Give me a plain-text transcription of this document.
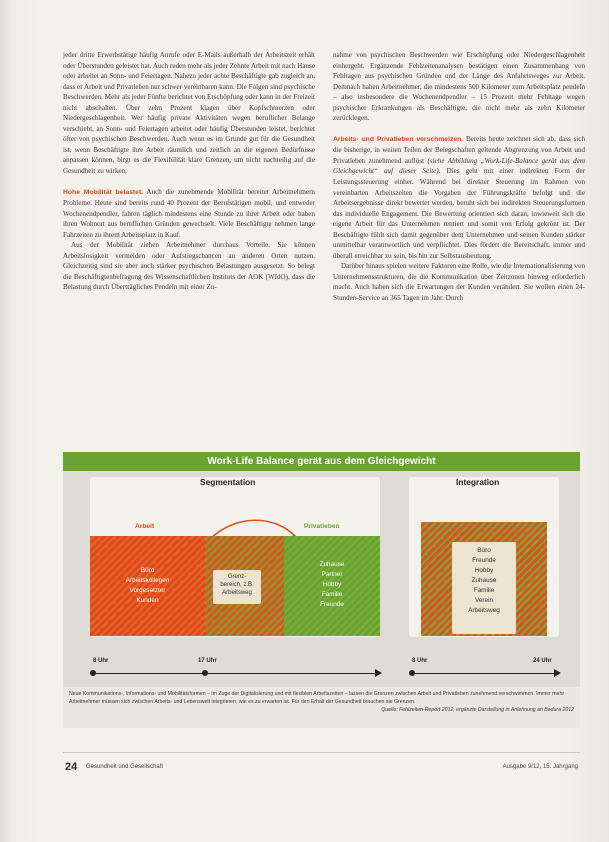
jeder dritte Erwerbstätige häufig Anrufe oder E-Mails außerhalb der Arbeitszeit erhält oder Überstunden geleistet hat. Auch reden mehr als jeder Zehnte Arbeit mit nach Hause oder arbeitet an Sonn- und Feiertagen. Nahezu jeder achte Beschäftigte gab zugleich an, dass er Arbeit und Privatleben nur schwer vereinbaren kann. Die Folgen sind psychische Beschwerden. Mehr als jeder Fünfte berichtet von Erschöpfung oder kann in der Freizeit nicht abschalten. Über zehn Prozent klagen über Kopfschmerzen oder Niedergeschlagenheit. Wer häufig private Aktivitäten wegen beruflicher Belange verschiebt, an Sonn- und Feiertagen arbeitet oder häufig Überstunden leistet, berichtet öfter von psychischen Beschwerden. Auch wenn es im Grunde gut für die Gesundheit ist, wenn Beschäftigte ihre Arbeit räumlich und zeitlich an die eigenen Bedürfnisse anpassen können, birgt es die Flexibilität klare Grenzen, um nicht nachteilig auf die Gesundheit zu wirken.

Hohe Mobilität belastet. Auch die zunehmende Mobilität bereitet Arbeitnehmern Probleme. Heute sind bereits rund 40 Prozent der Berufstätigen mobil, und entweder Wochenendpendler, fahren täglich mindestens eine Stunde zu ihrer Arbeit oder haben ihren Wohnort aus beruflichen Gründen gewechselt. Viele Beschäftigte nehmen lange Fahrzeiten zu ihrem Arbeitsplatz in Kauf.

Aus der Mobilität ziehen Arbeitnehmer durchaus Vorteile. Sie können Arbeitslosigkeit vermeiden oder Aufstiegschancen an anderen Orten nutzen. Gleichzeitig sind sie aber auch stärker psychischen Belastungen ausgesetzt. So belegt die Beschäftigtenbefragung des Wissenschaftlichen Instituts der AOK (WIdO), dass die Belastung durch Überträgliches Pendeln mit einer Zu-

nahme von psychischen Beschwerden wie Erschöpfung oder Niedergeschlagenheit einhergeht. Ergänzende Fehlzeitenanalysen bestätigen einen Zusammenhang von Fehltagen aus psychischen Gründen und der Länge des Anfahrtsweges zur Arbeit. Demnach haben Arbeitnehmer, die mindestens 500 Kilometer zum Arbeitsplatz pendeln – also insbesondere die Wochenendpendler – 15 Prozent mehr Fehltage wegen psychischer Erkrankungen als Beschäftigte, die nicht mehr als zehn Kilometer zurücklegen.

Arbeits- und Privatleben verschmelzen. Bereits heute zeichnet sich ab, dass sich die bisherige, in weiten Teilen der Belegschaften geltende Abgrenzung von Arbeit und Privatleben zunehmend auflöst (siehe Abbildung „Work-Life-Balance gerät aus dem Gleichgewicht“ auf dieser Seite). Dies geht mit einer indirekten Form der Leistungssteuerung einher. Während bei direkter Steuerung im Rahmen von vereinbarten Arbeitszeiten die Vorgaben der Führungskräfte befolgt und die Arbeitsergebnisse direkt bewertet werden, beruht sich bei indirekten Steuerungsformen das individuelle Engagement. Die Bewertung orientiert sich daran, inwieweit sich die eigene Arbeit für das Unternehmen rentiert und somit von Erfolg gekrönt ist. Der Beschäftigte fühlt sich damit gegenüber dem Unternehmen und seinen Kunden stärker unmittelbar verantwortlich und verpflichtet. Dies fördert die Bereitschaft, immer und überall erreichbar zu sein, bis hin zur Selbstausbeutung.

Darüber hinaus spielen weitere Faktoren eine Rolle, wie die Internationalisierung von Unternehmensstrukturen, die die Kommunikation über Zeitzonen hinweg erforderlich macht. Auch haben sich die Erwartungen der Kunden verändert. Sie wollen einen 24-Stunden-Service an 365 Tagen im Jahr. Durch

Work-Life Balance gerät aus dem Gleichgewicht
Segmentation	Integration
Arbeit	Privatleben
Büro
Arbeitskollegen
Vorgesetzter
Kunden
Grenz-
bereich, z.B.
Arbeitsweg
Zuhause
Partner
Hobby
Familie
Freunde
Büro
Freunde
Hobby
Zuhause
Familie
Verein
Arbeitsweg
8 Uhr	17 Uhr	8 Uhr	24 Uhr
Neue Kommunikations-, Informations- und Mobilitätsformen – im Zuge der Digitalisierung und mit flexiblen Arbeitszeiten – lassen die Grenzen zwischen Arbeit und Privatleben zunehmend verschwimmen. Immer mehr Arbeitnehmer müssen sich zwischen Arbeits- und Lebenswelt integrieren, wie es zu erwarten ist. Für den Erhalt der Gesundheit brauchen sie Grenzen.
Quelle: Fehlzeiten-Report 2012, ergänzte Darstellung in Anlehnung an Badura 2012
24 Gesundheit und Gesellschaft	Ausgabe 9/12, 15. Jahrgang
